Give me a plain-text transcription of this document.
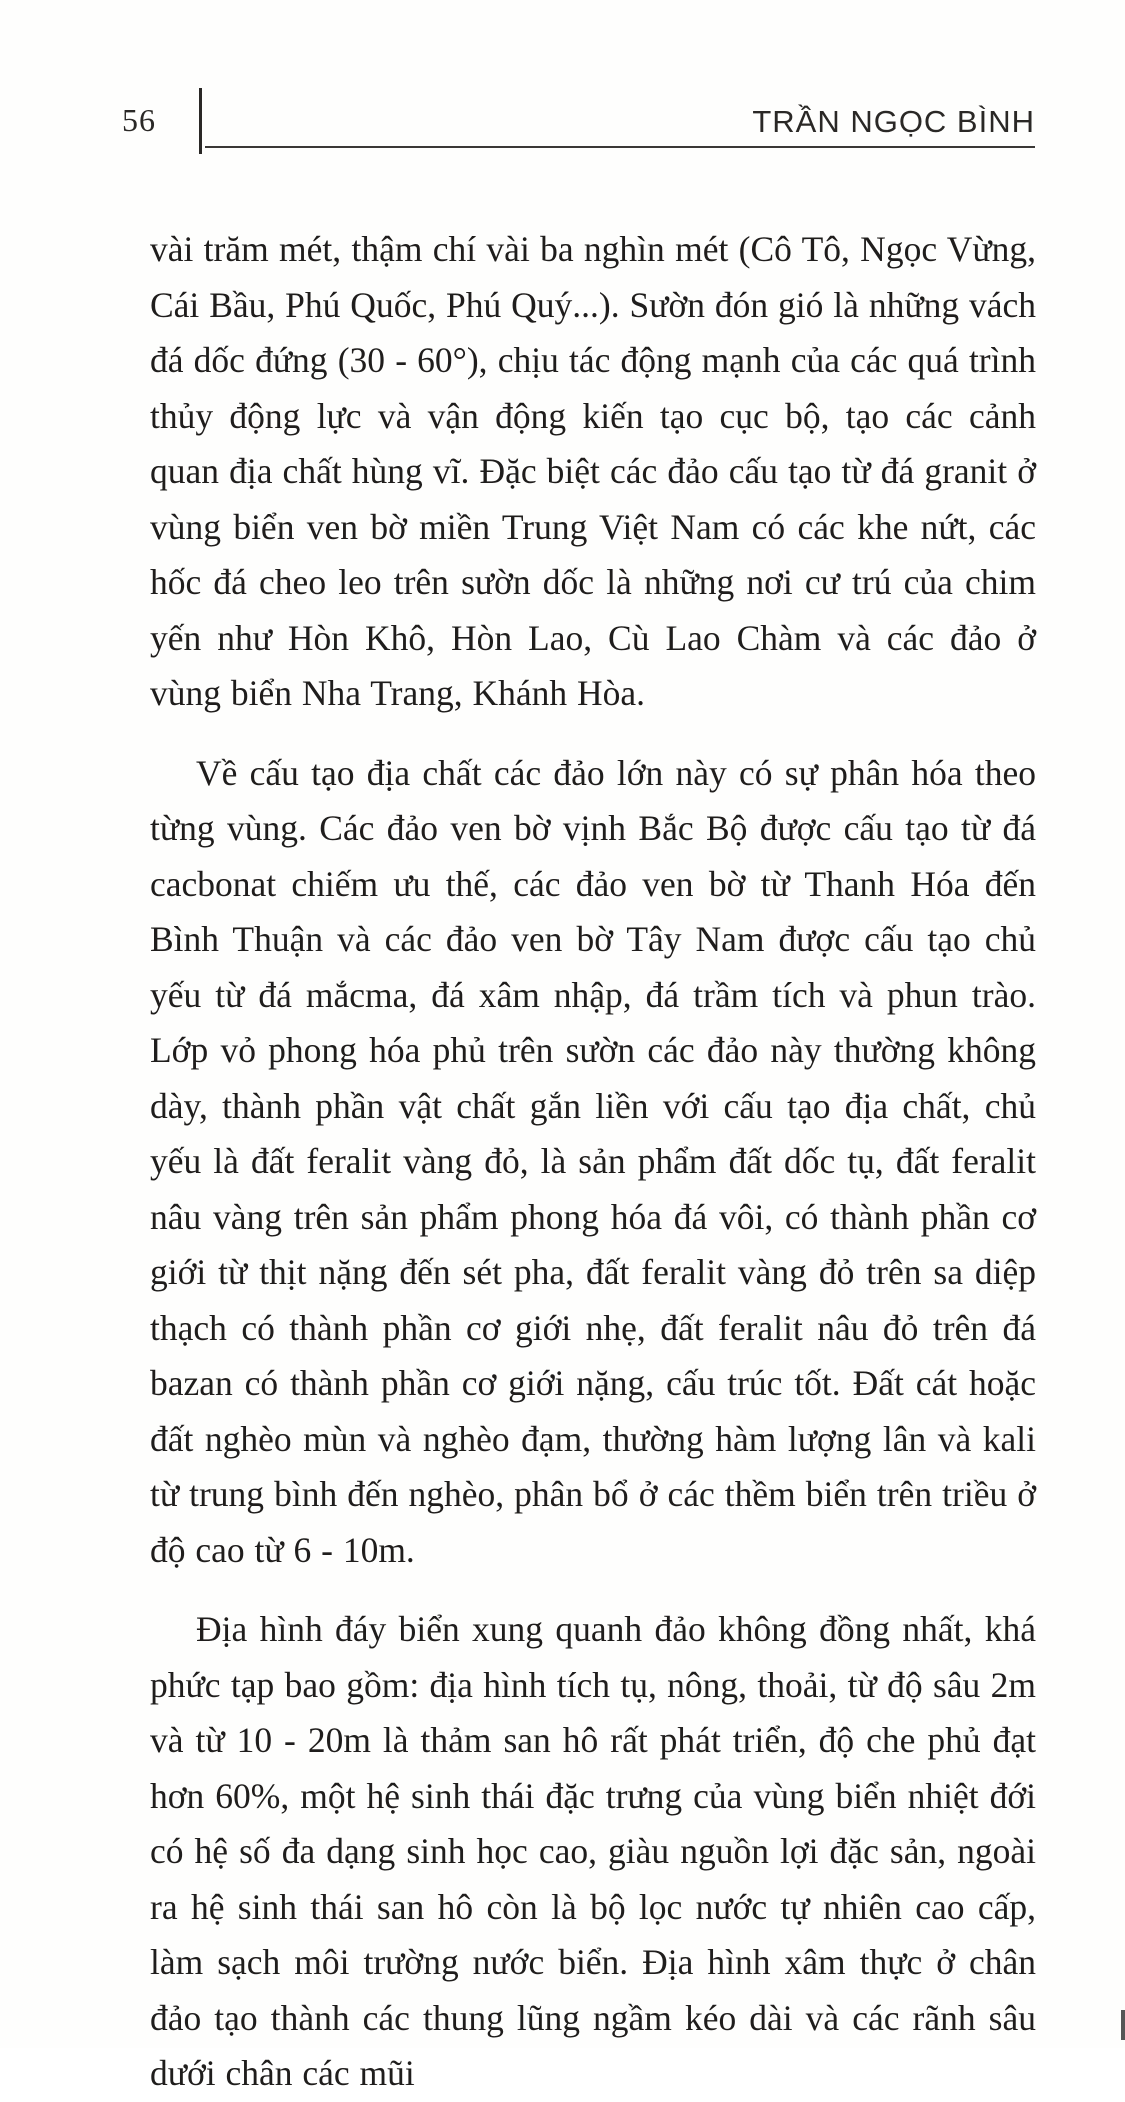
56	TRẦN NGỌC BÌNH

vài trăm mét, thậm chí vài ba nghìn mét (Cô Tô, Ngọc Vừng, Cái Bầu, Phú Quốc, Phú Quý...). Sườn đón gió là những vách đá dốc đứng (30 - 60°), chịu tác động mạnh của các quá trình thủy động lực và vận động kiến tạo cục bộ, tạo các cảnh quan địa chất hùng vĩ. Đặc biệt các đảo cấu tạo từ đá granit ở vùng biển ven bờ miền Trung Việt Nam có các khe nứt, các hốc đá cheo leo trên sườn dốc là những nơi cư trú của chim yến như Hòn Khô, Hòn Lao, Cù Lao Chàm và các đảo ở vùng biển Nha Trang, Khánh Hòa.

Về cấu tạo địa chất các đảo lớn này có sự phân hóa theo từng vùng. Các đảo ven bờ vịnh Bắc Bộ được cấu tạo từ đá cacbonat chiếm ưu thế, các đảo ven bờ từ Thanh Hóa đến Bình Thuận và các đảo ven bờ Tây Nam được cấu tạo chủ yếu từ đá mắcma, đá xâm nhập, đá trầm tích và phun trào. Lớp vỏ phong hóa phủ trên sườn các đảo này thường không dày, thành phần vật chất gắn liền với cấu tạo địa chất, chủ yếu là đất feralit vàng đỏ, là sản phẩm đất dốc tụ, đất feralit nâu vàng trên sản phẩm phong hóa đá vôi, có thành phần cơ giới từ thịt nặng đến sét pha, đất feralit vàng đỏ trên sa diệp thạch có thành phần cơ giới nhẹ, đất feralit nâu đỏ trên đá bazan có thành phần cơ giới nặng, cấu trúc tốt. Đất cát hoặc đất nghèo mùn và nghèo đạm, thường hàm lượng lân và kali từ trung bình đến nghèo, phân bổ ở các thềm biển trên triều ở độ cao từ 6 - 10m.

Địa hình đáy biển xung quanh đảo không đồng nhất, khá phức tạp bao gồm: địa hình tích tụ, nông, thoải, từ độ sâu 2m và từ 10 - 20m là thảm san hô rất phát triển, độ che phủ đạt hơn 60%, một hệ sinh thái đặc trưng của vùng biển nhiệt đới có hệ số đa dạng sinh học cao, giàu nguồn lợi đặc sản, ngoài ra hệ sinh thái san hô còn là bộ lọc nước tự nhiên cao cấp, làm sạch môi trường nước biển. Địa hình xâm thực ở chân đảo tạo thành các thung lũng ngầm kéo dài và các rãnh sâu dưới chân các mũi
